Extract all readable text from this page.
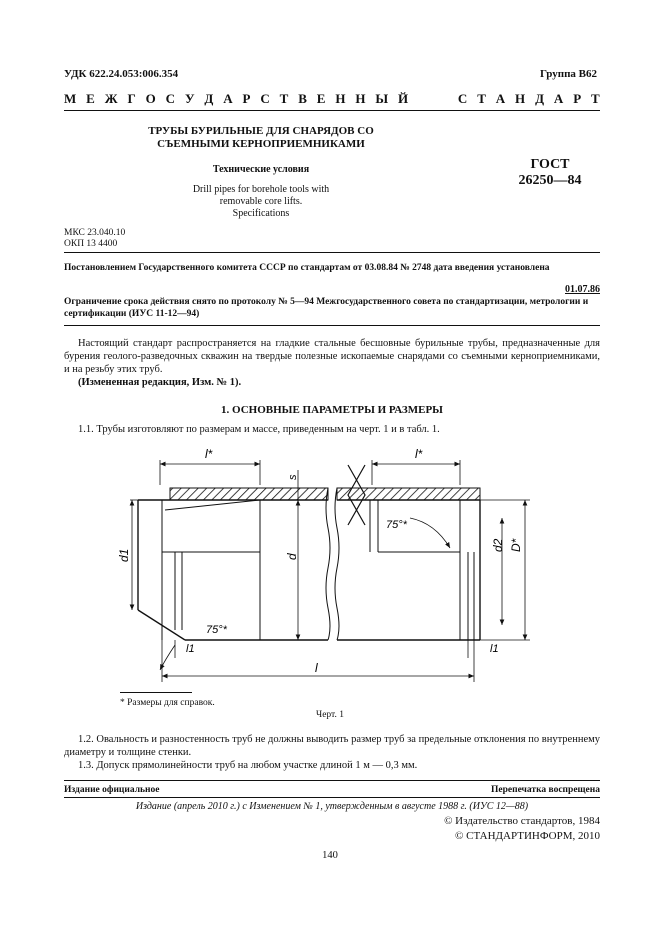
УДК 622.24.053:006.354	Группа В62
М Е Ж Г О С У Д А Р С Т В Е Н Н Ы Й	С Т А Н Д А Р Т
ТРУБЫ БУРИЛЬНЫЕ ДЛЯ СНАРЯДОВ СО
СЪЕМНЫМИ КЕРНОПРИЕМНИКАМИ
Технические условия
Drill pipes for borehole tools with
removable core lifts.
Specifications
ГОСТ
26250—84
МКС 23.040.10
ОКП 13 4400
Постановлением Государственного комитета СССР по стандартам от 03.08.84 № 2748 дата введения установлена
01.07.86
Ограничение срока действия снято по протоколу № 5—94 Межгосударственного совета по стандартизации, метрологии и сертификации (ИУС 11-12—94)
Настоящий стандарт распространяется на гладкие стальные бесшовные бурильные трубы, предназначенные для бурения геолого-разведочных скважин на твердые полезные ископаемые снарядами со съемными керноприемниками, и на резьбу этих труб.
(Измененная редакция, Изм. № 1).
1. ОСНОВНЫЕ ПАРАМЕТРЫ И РАЗМЕРЫ
1.1. Трубы изготовляют по размерам и массе, приведенным на черт. 1 и в табл. 1.
l*	l*
s
d
d1
d2 D*
75°*
75°*
l1	l1
l
* Размеры для справок.
Черт. 1
1.2. Овальность и разностенность труб не должны выводить размер труб за предельные отклонения по внутреннему диаметру и толщине стенки.
1.3. Допуск прямолинейности труб на любом участке длиной 1 м — 0,3 мм.
Издание официальное	Перепечатка воспрещена
Издание (апрель 2010 г.) с Изменением № 1, утвержденным в августе 1988 г. (ИУС 12—88)
© Издательство стандартов, 1984
© СТАНДАРТИНФОРМ, 2010
140
